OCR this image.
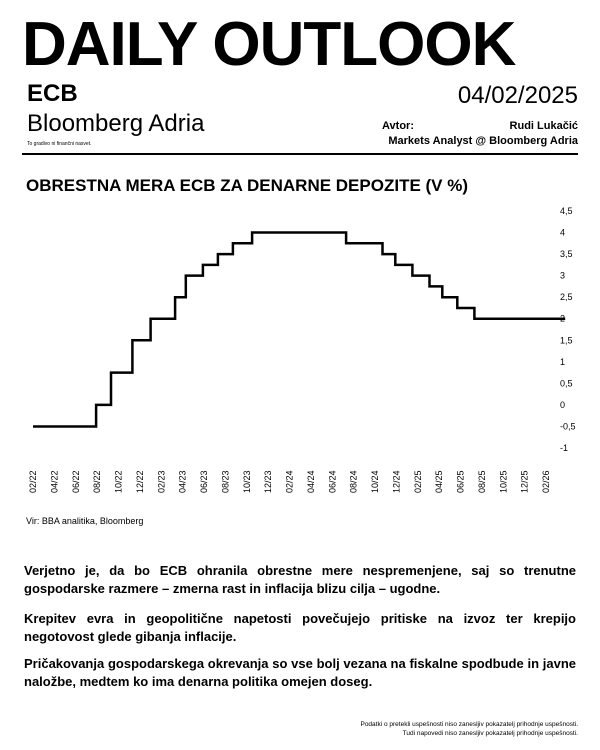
DAILY OUTLOOK
ECB	04/02/2025
Bloomberg Adria
To gradivo ni finančni nasvet.
Avtor:	Rudi Lukačić
Markets Analyst @ Bloomberg Adria
OBRESTNA MERA ECB ZA DENARNE DEPOZITE (V %)
4,5
4
3,5
3
2,5
2
1,5
1
0,5
0
-0,5
-1
02/22 04/22 06/22 08/22 10/22 12/22 02/23 04/23 06/23 08/23 10/23 12/23 02/24 04/24 06/24 08/24 10/24 12/24 02/25 04/25 06/25 08/25 10/25 12/25 02/26
Vir: BBA analitika, Bloomberg

Verjetno je, da bo ECB ohranila obrestne mere nespremenjene, saj so trenutne gospodarske razmere – zmerna rast in inflacija blizu cilja – ugodne.

Krepitev evra in geopolitične napetosti povečujejo pritiske na izvoz ter krepijo negotovost glede gibanja inflacije.

Pričakovanja gospodarskega okrevanja so vse bolj vezana na fiskalne spodbude in javne naložbe, medtem ko ima denarna politika omejen doseg.

Podatki o pretekli uspešnosti niso zanesljiv pokazatelj prihodnje uspešnosti.
Tudi napovedi niso zanesljiv pokazatelj prihodnje uspešnosti.
